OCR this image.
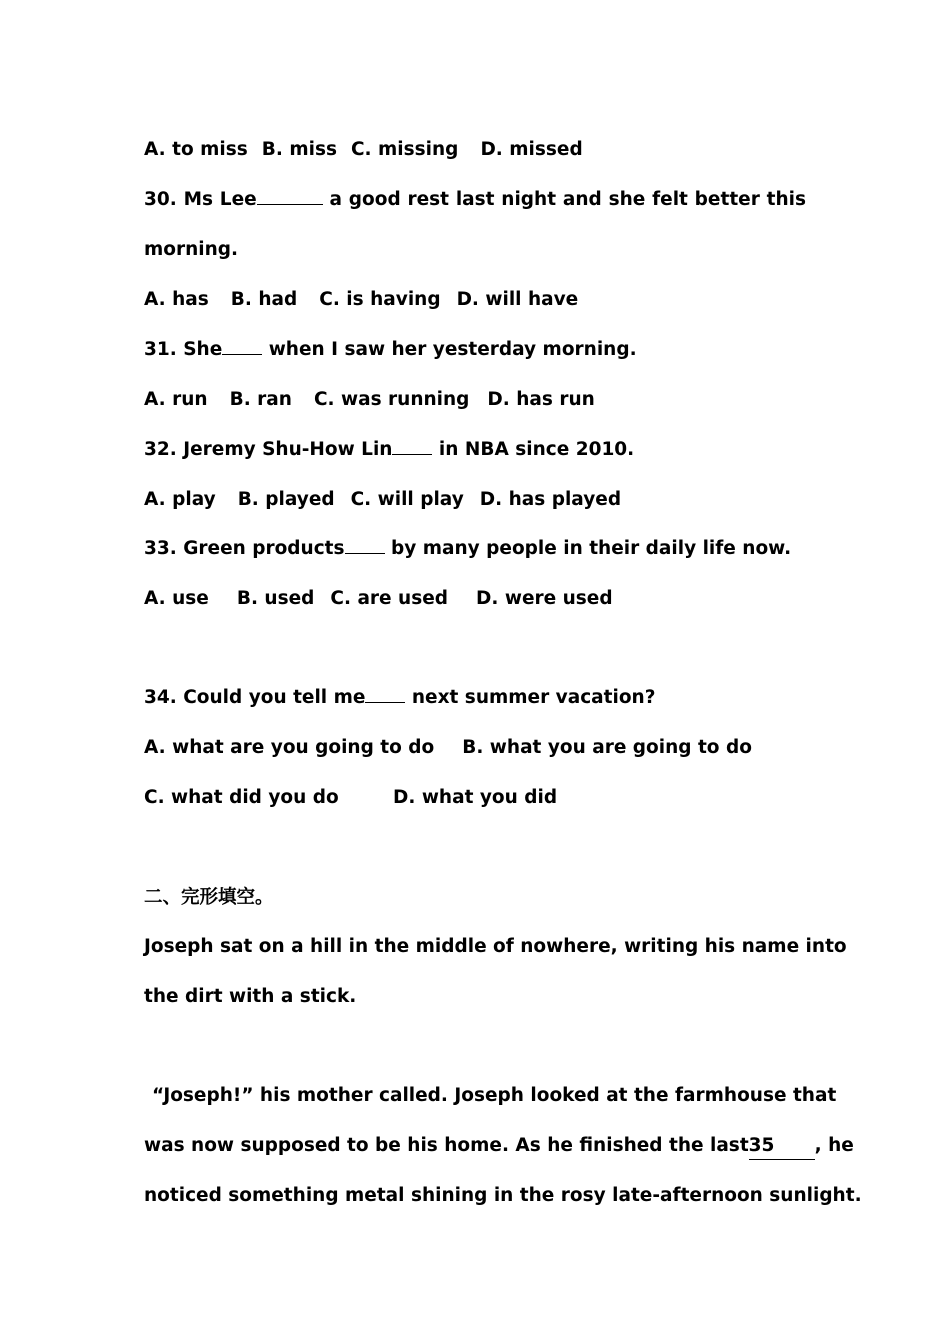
A. to miss B. miss C. missing D. missed
30. Ms Lee	a good rest last night and she felt better this
morning.
A. has B. had C. is having D. will have
31. She	when I saw her yesterday morning.
A. run B. ran C. was running D. has run
32. Jeremy Shu-How Lin	in NBA since 2010.
A. play B. played C. will play D. has played
33. Green products	by many people in their daily life now.
A. use B. used C. are used D. were used
34. Could you tell me	next summer vacation?
A. what are you going to do B. what you are going to do
C. what did you do	D. what you did
二、完形填空。
Joseph sat on a hill in the middle of nowhere, writing his name into
the dirt with a stick.
“Joseph!” his mother called. Joseph looked at the farmhouse that
was now supposed to be his home. As he finished the last35 , he
noticed something metal shining in the rosy late-afternoon sunlight.
